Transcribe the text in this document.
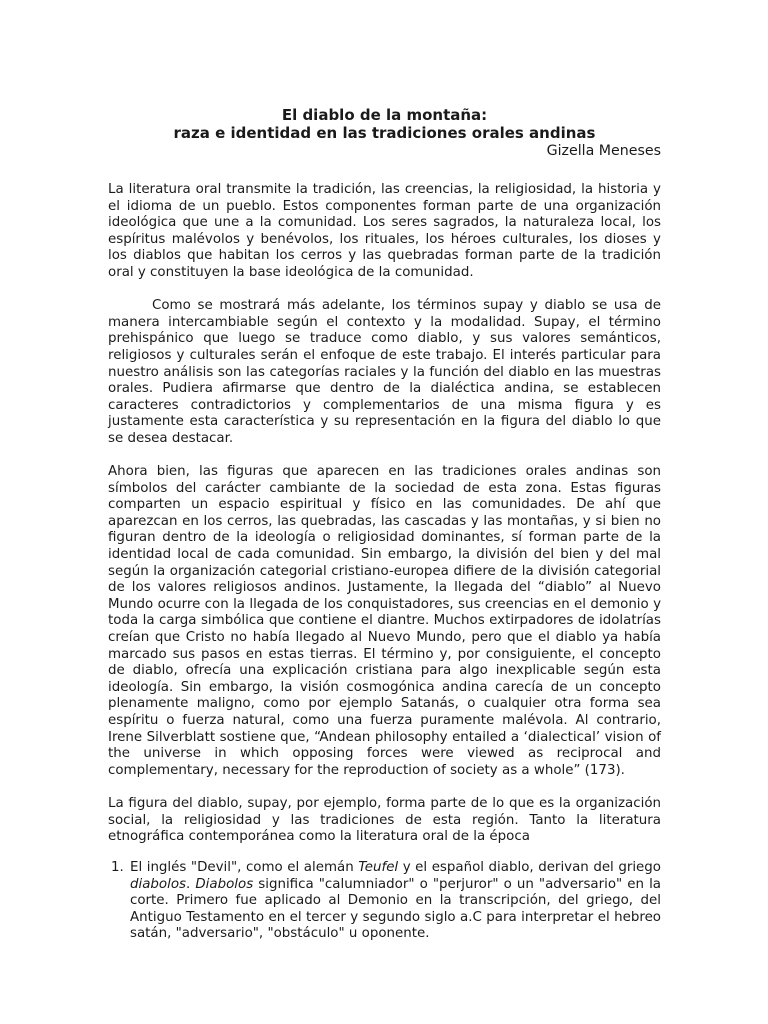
El diablo de la montaña:

raza e identidad en las tradiciones orales andinas

Gizella Meneses

La literatura oral transmite la tradición, las creencias, la religiosidad, la historia y el idioma de un pueblo. Estos componentes forman parte de una organización ideológica que une a la comunidad. Los seres sagrados, la naturaleza local, los espíritus malévolos y benévolos, los rituales, los héroes culturales, los dioses y los diablos que habitan los cerros y las quebradas forman parte de la tradición oral y constituyen la base ideológica de la comunidad.

Como se mostrará más adelante, los términos supay y diablo se usa de manera intercambiable según el contexto y la modalidad. Supay, el término prehispánico que luego se traduce como diablo, y sus valores semánticos, religiosos y culturales serán el enfoque de este trabajo. El interés particular para nuestro análisis son las categorías raciales y la función del diablo en las muestras orales. Pudiera afirmarse que dentro de la dialéctica andina, se establecen caracteres contradictorios y complementarios de una misma figura y es justamente esta característica y su representación en la figura del diablo lo que se desea destacar.

Ahora bien, las figuras que aparecen en las tradiciones orales andinas son símbolos del carácter cambiante de la sociedad de esta zona. Estas figuras comparten un espacio espiritual y físico en las comunidades. De ahí que aparezcan en los cerros, las quebradas, las cascadas y las montañas, y si bien no figuran dentro de la ideología o religiosidad dominantes, sí forman parte de la identidad local de cada comunidad. Sin embargo, la división del bien y del mal según la organización categorial cristiano-europea difiere de la división categorial de los valores religiosos andinos. Justamente, la llegada del “diablo” al Nuevo Mundo ocurre con la llegada de los conquistadores, sus creencias en el demonio y toda la carga simbólica que contiene el diantre. Muchos extirpadores de idolatrías creían que Cristo no había llegado al Nuevo Mundo, pero que el diablo ya había marcado sus pasos en estas tierras. El término y, por consiguiente, el concepto de diablo, ofrecía una explicación cristiana para algo inexplicable según esta ideología. Sin embargo, la visión cosmogónica andina carecía de un concepto plenamente maligno, como por ejemplo Satanás, o cualquier otra forma sea espíritu o fuerza natural, como una fuerza puramente malévola. Al contrario, Irene Silverblatt sostiene que, “Andean philosophy entailed a ‘dialectical’ vision of the universe in which opposing forces were viewed as reciprocal and complementary, necessary for the reproduction of society as a whole” (173).

La figura del diablo, supay, por ejemplo, forma parte de lo que es la organización social, la religiosidad y las tradiciones de esta región. Tanto la literatura etnográfica contemporánea como la literatura oral de la época

1. El inglés "Devil", como el alemán Teufel y el español diablo, derivan del griego diabolos. Diabolos significa "calumniador" o "perjuror" o un "adversario" en la corte. Primero fue aplicado al Demonio en la transcripción, del griego, del Antiguo Testamento en el tercer y segundo siglo a.C para interpretar el hebreo satán, "adversario", "obstáculo" u oponente.
